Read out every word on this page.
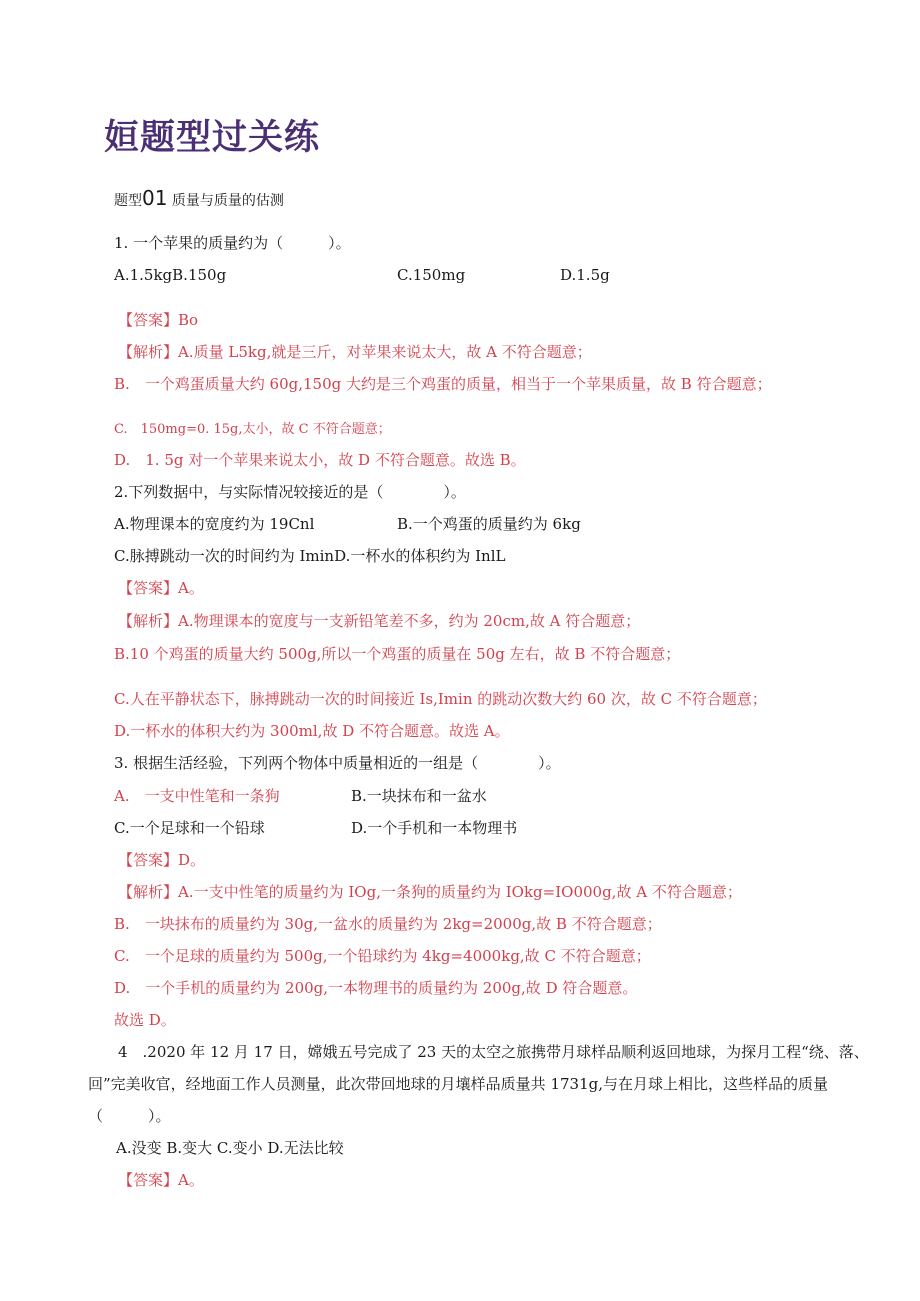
姮题型过关练
题型01 质量与质量的估测
1. 一个苹果的质量约为（　　　）。
A.1.5kgB.150g	C.150mg	D.1.5g
【答案】Bo
【解析】A.质量 L5kg,就是三斤，对苹果来说太大，故 A 不符合题意；
B.　一个鸡蛋质量大约 60g,150g 大约是三个鸡蛋的质量，相当于一个苹果质量，故 B 符合题意；
C.　150mg=0. 15g,太小，故 C 不符合题意；
D.　1. 5g 对一个苹果来说太小，故 D 不符合题意。故选 B。
2.下列数据中，与实际情况较接近的是（　　　　）。
A.物理课本的宽度约为 19Cnl	B.一个鸡蛋的质量约为 6kg
C.脉搏跳动一次的时间约为 IminD.一杯水的体积约为 InlL
【答案】A。
【解析】A.物理课本的宽度与一支新铅笔差不多，约为 20cm,故 A 符合题意；
B.10 个鸡蛋的质量大约 500g,所以一个鸡蛋的质量在 50g 左右，故 B 不符合题意；
C.人在平静状态下，脉搏跳动一次的时间接近 Is,Imin 的跳动次数大约 60 次，故 C 不符合题意；
D.一杯水的体积大约为 300ml,故 D 不符合题意。故选 A。
3. 根据生活经验，下列两个物体中质量相近的一组是（　　　　）。
A.　一支中性笔和一条狗	B.一块抹布和一盆水
C.一个足球和一个铅球	D.一个手机和一本物理书
【答案】D。
【解析】A.一支中性笔的质量约为 IOg,一条狗的质量约为 IOkg=IO000g,故 A 不符合题意；
B.　一块抹布的质量约为 30g,一盆水的质量约为 2kg=2000g,故 B 不符合题意；
C.　一个足球的质量约为 500g,一个铅球约为 4kg=4000kg,故 C 不符合题意；
D.　一个手机的质量约为 200g,一本物理书的质量约为 200g,故 D 符合题意。
故选 D。
4　.2020 年 12 月 17 日，嫦娥五号完成了 23 天的太空之旅携带月球样品顺利返回地球，为探月工程“绕、落、
回”完美收官，经地面工作人员测量，此次带回地球的月壤样品质量共 1731g,与在月球上相比，这些样品的质量
（　　　）。
A.没变 B.变大 C.变小 D.无法比较
【答案】A。
